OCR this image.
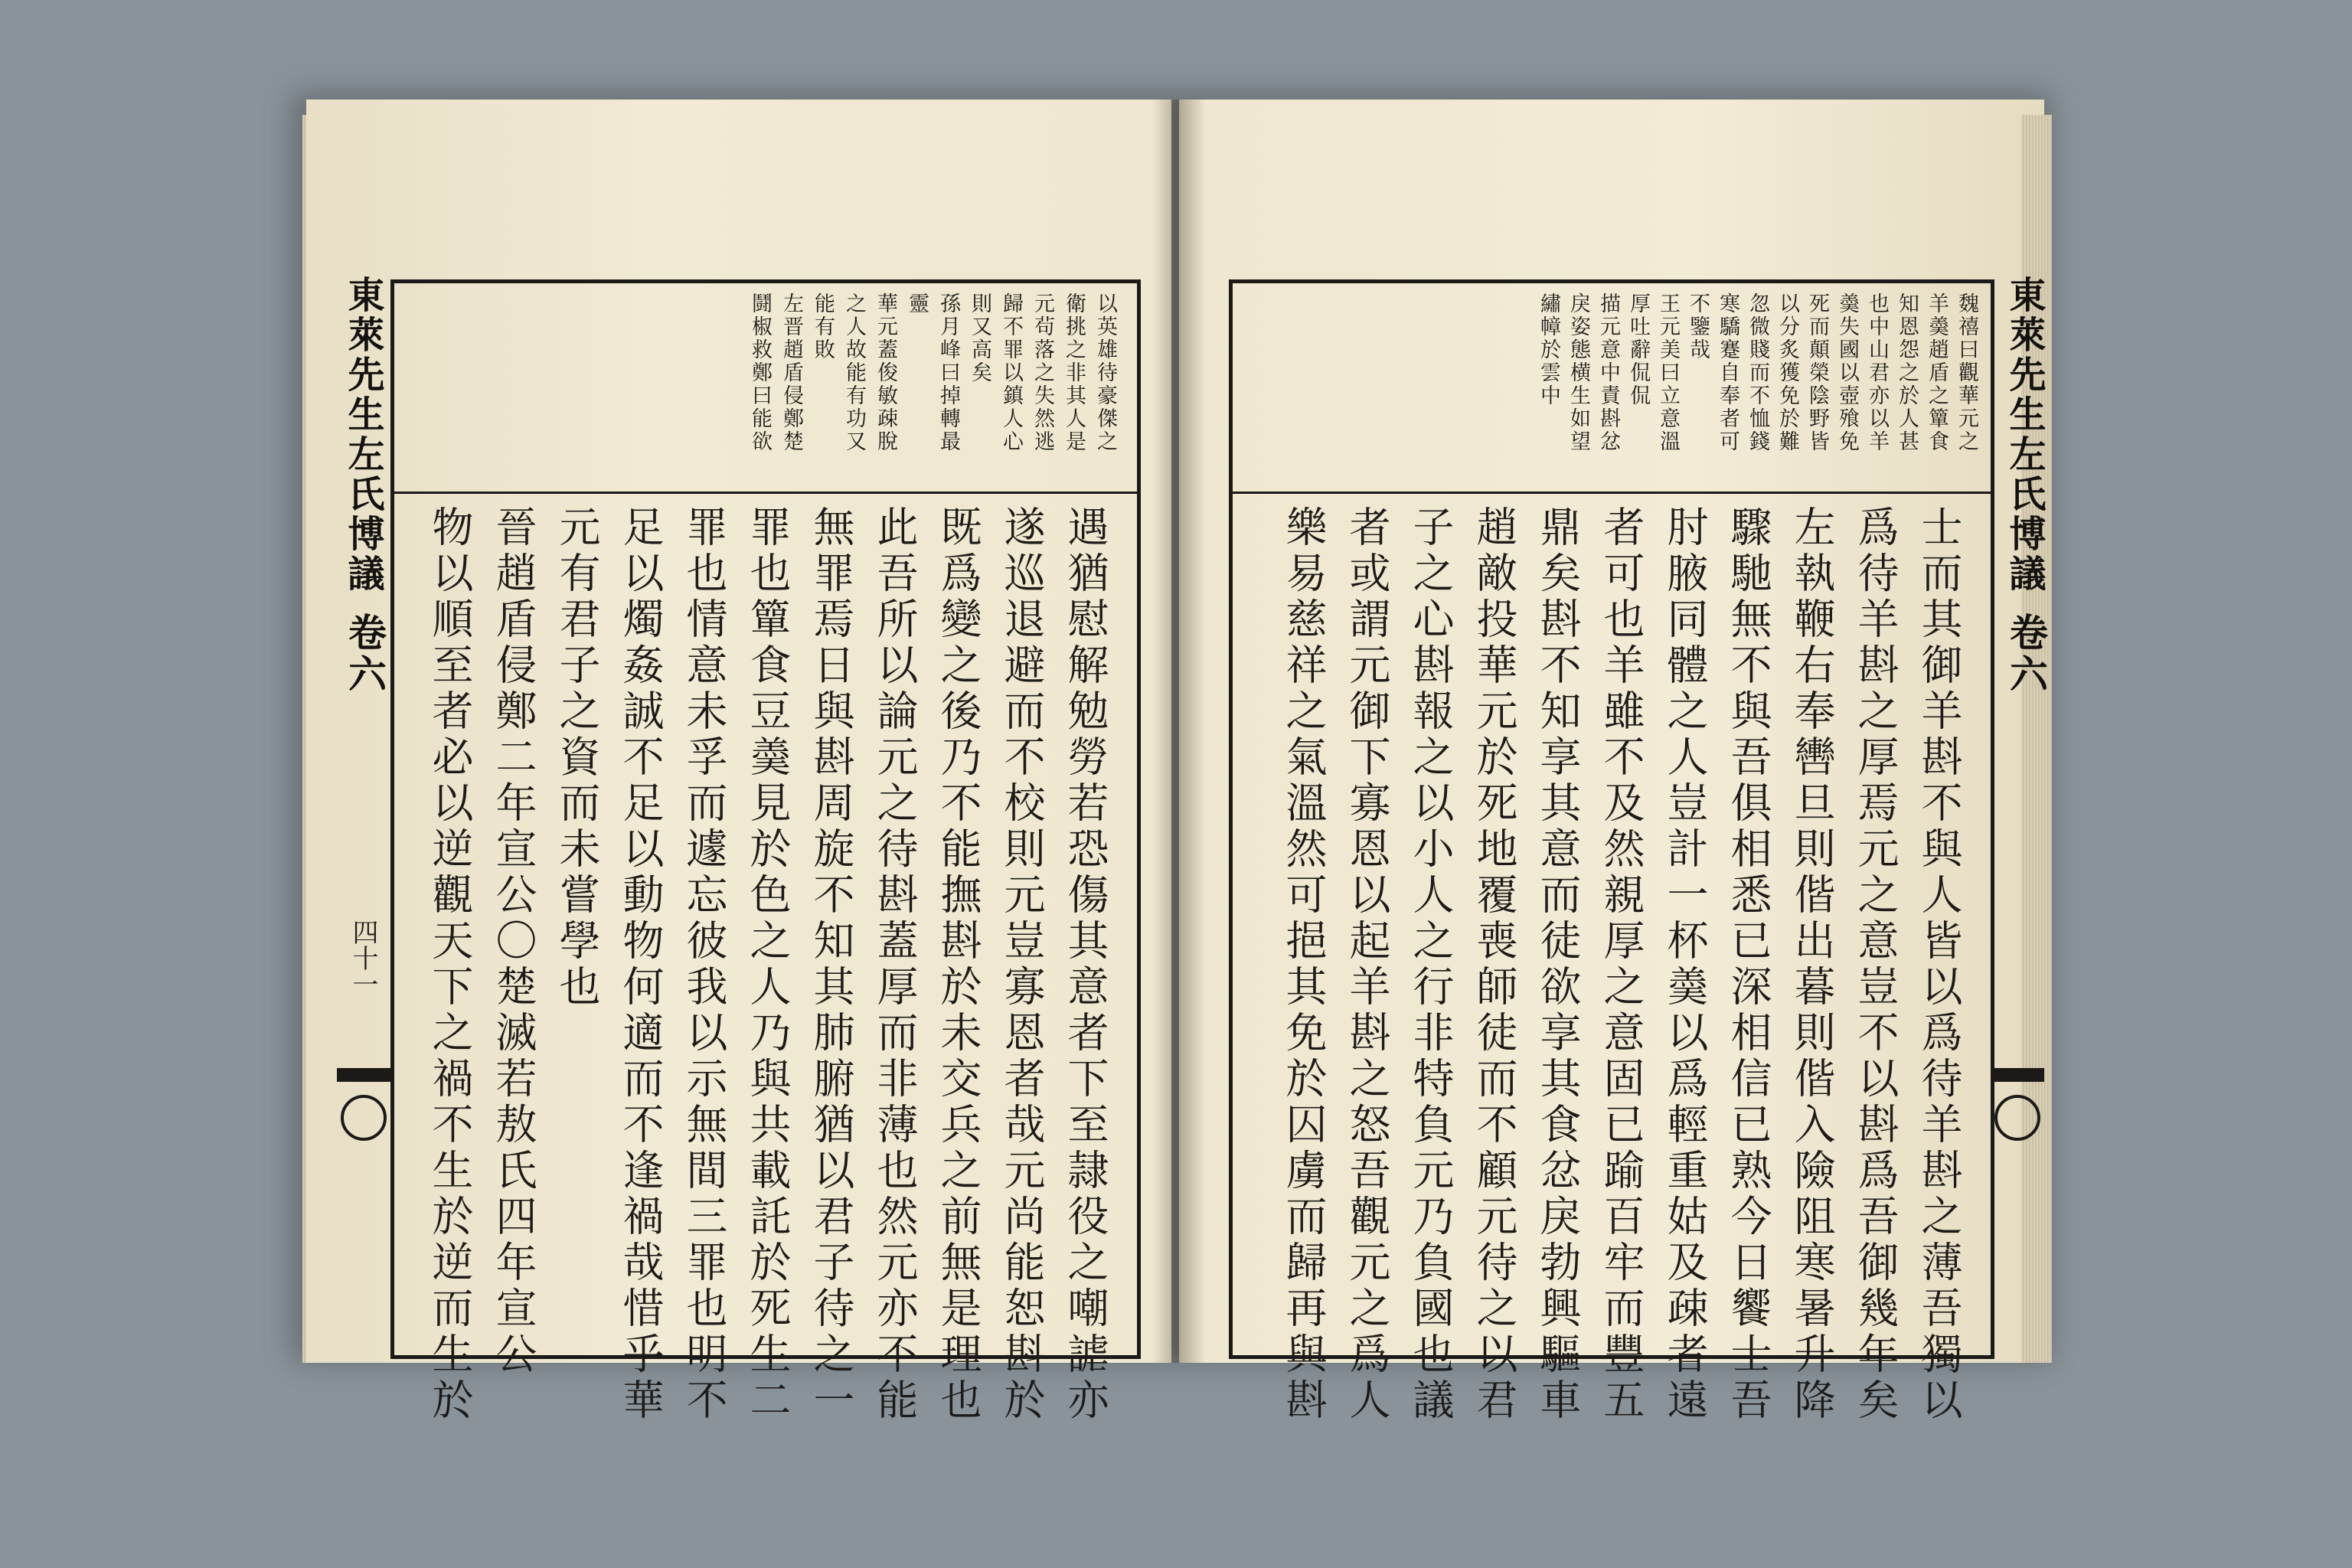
東萊先生左氏博議
卷六
四十一
以英雄待豪傑之
衛挑之非其人是
元茍落之失然逃
歸不罪以鎮人心
則又高矣
孫月峰曰掉轉最
靈
華元蓋俊敏疎脫
之人故能有功又
能有敗
左晋趙盾侵鄭楚
鬪椒救鄭曰能欲
遇猶慰解勉勞若恐傷其意者下至隷役之嘲謔亦
遂巡退避而不校則元豈寡恩者哉元尚能恕斟於
既爲變之後乃不能撫斟於未交兵之前無是理也
此吾所以論元之待斟蓋厚而非薄也然元亦不能
無罪焉日與斟周旋不知其肺腑猶以君子待之一
罪也簞食豆羮見於色之人乃與共載託於死生二
罪也情意未孚而遽忘彼我以示無間三罪也明不
足以燭姦誠不足以動物何適而不逢禍哉惜乎華
元有君子之資而未嘗學也
晉趙盾侵鄭二年宣公〇楚滅若敖氏四年宣公
物以順至者必以逆觀天下之禍不生於逆而生於
東萊先生左氏博議
卷六
魏禧曰觀華元之
羊羮趙盾之簞食
知恩怨之於人甚
也中山君亦以羊
羮失國以壺飱免
死而顛榮陰野皆
以分炙獲免於難
忽微賤而不恤錢
寒驕蹇自奉者可
不鑒哉
王元美曰立意溫
厚吐辭侃侃
描元意中責斟忿
戾姿態横生如望
繡幛於雲中
士而其御羊斟不與人皆以爲待羊斟之薄吾獨以
爲待羊斟之厚焉元之意豈不以斟爲吾御幾年矣
左執鞭右奉轡旦則偕出暮則偕入險阻寒暑升降
驟馳無不與吾俱相悉已深相信已熟今日饗士吾
肘腋同體之人豈計一杯羮以爲輕重姑及疎者遠
者可也羊雖不及然親厚之意固已踰百牢而豐五
鼎矣斟不知享其意而徒欲享其食忿戾勃興驅車
趙敵投華元於死地覆喪師徒而不顧元待之以君
子之心斟報之以小人之行非特負元乃負國也議
者或謂元御下寡恩以起羊斟之怒吾觀元之爲人
樂易慈祥之氣溫然可挹其免於囚虜而歸再與斟
